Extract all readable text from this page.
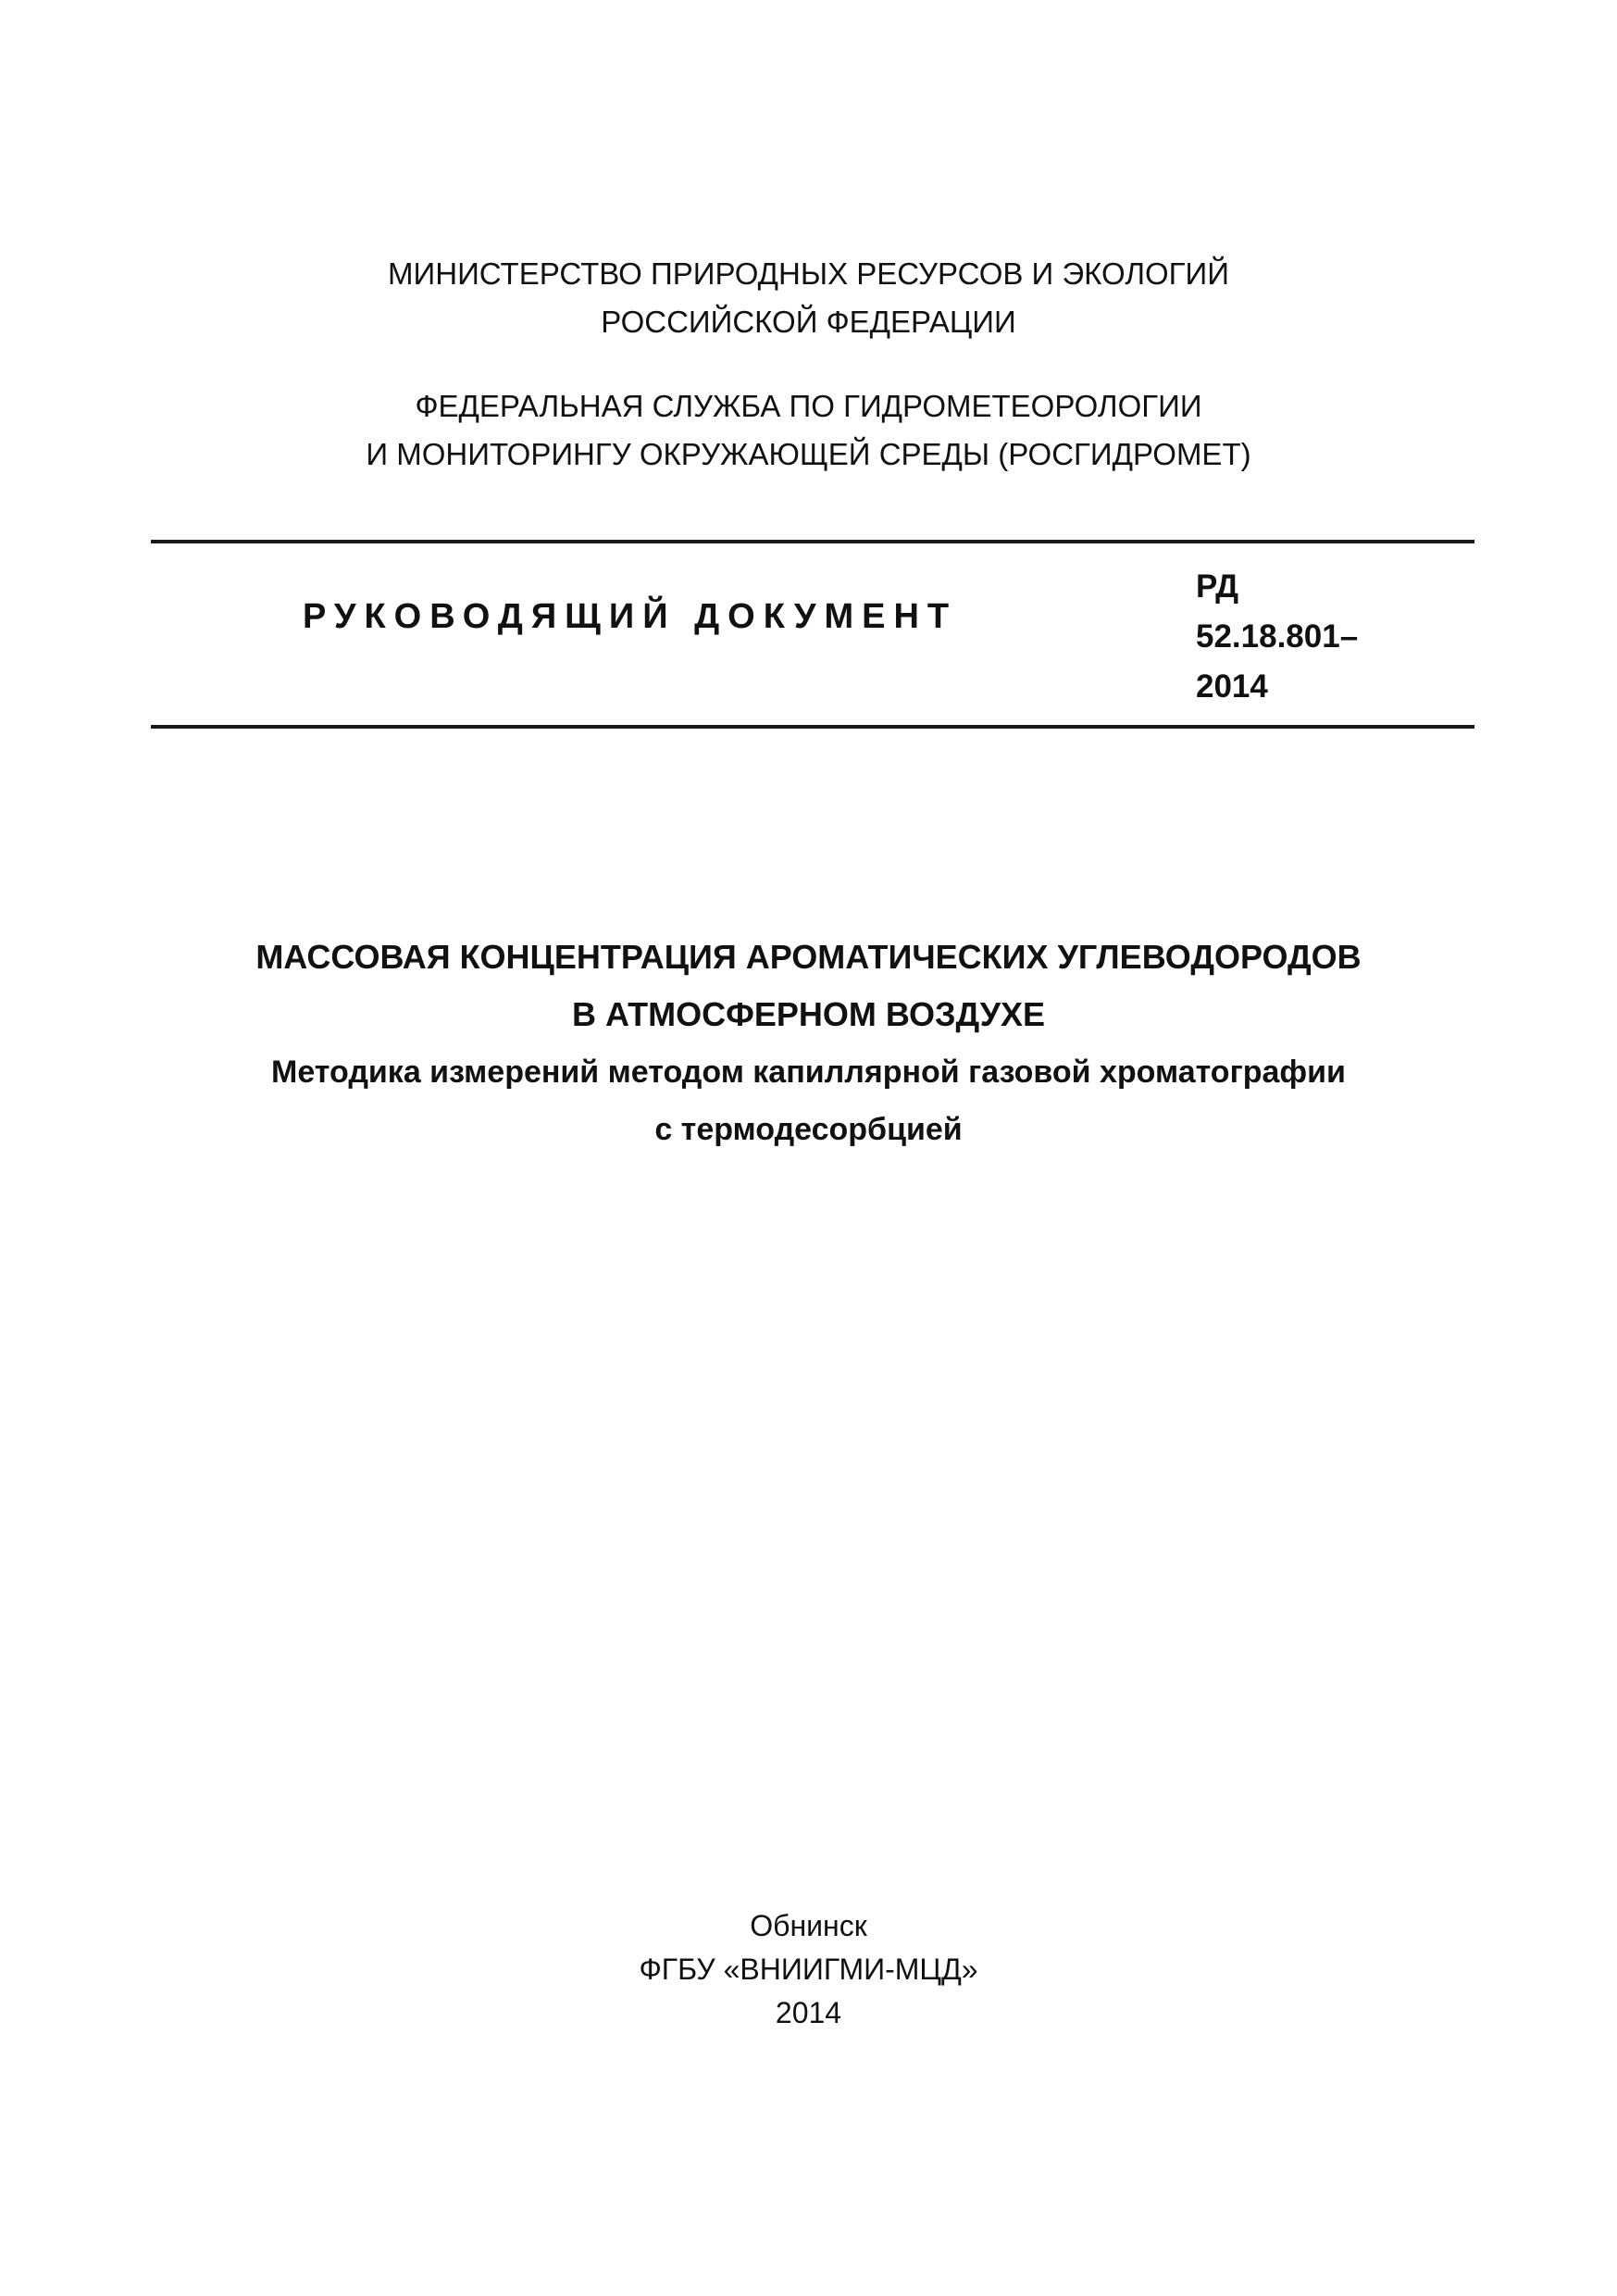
МИНИСТЕРСТВО ПРИРОДНЫХ РЕСУРСОВ И ЭКОЛОГИЙ
РОССИЙСКОЙ ФЕДЕРАЦИИ
ФЕДЕРАЛЬНАЯ СЛУЖБА ПО ГИДРОМЕТЕОРОЛОГИИ
И МОНИТОРИНГУ ОКРУЖАЮЩЕЙ СРЕДЫ (РОСГИДРОМЕТ)
РУКОВОДЯЩИЙ ДОКУМЕНТ
РД
52.18.801–
2014
МАССОВАЯ КОНЦЕНТРАЦИЯ АРОМАТИЧЕСКИХ УГЛЕВОДОРОДОВ
В АТМОСФЕРНОМ ВОЗДУХЕ
Методика измерений методом капиллярной газовой хроматографии
с термодесорбцией
Обнинск
ФГБУ «ВНИИГМИ-МЦД»
2014
